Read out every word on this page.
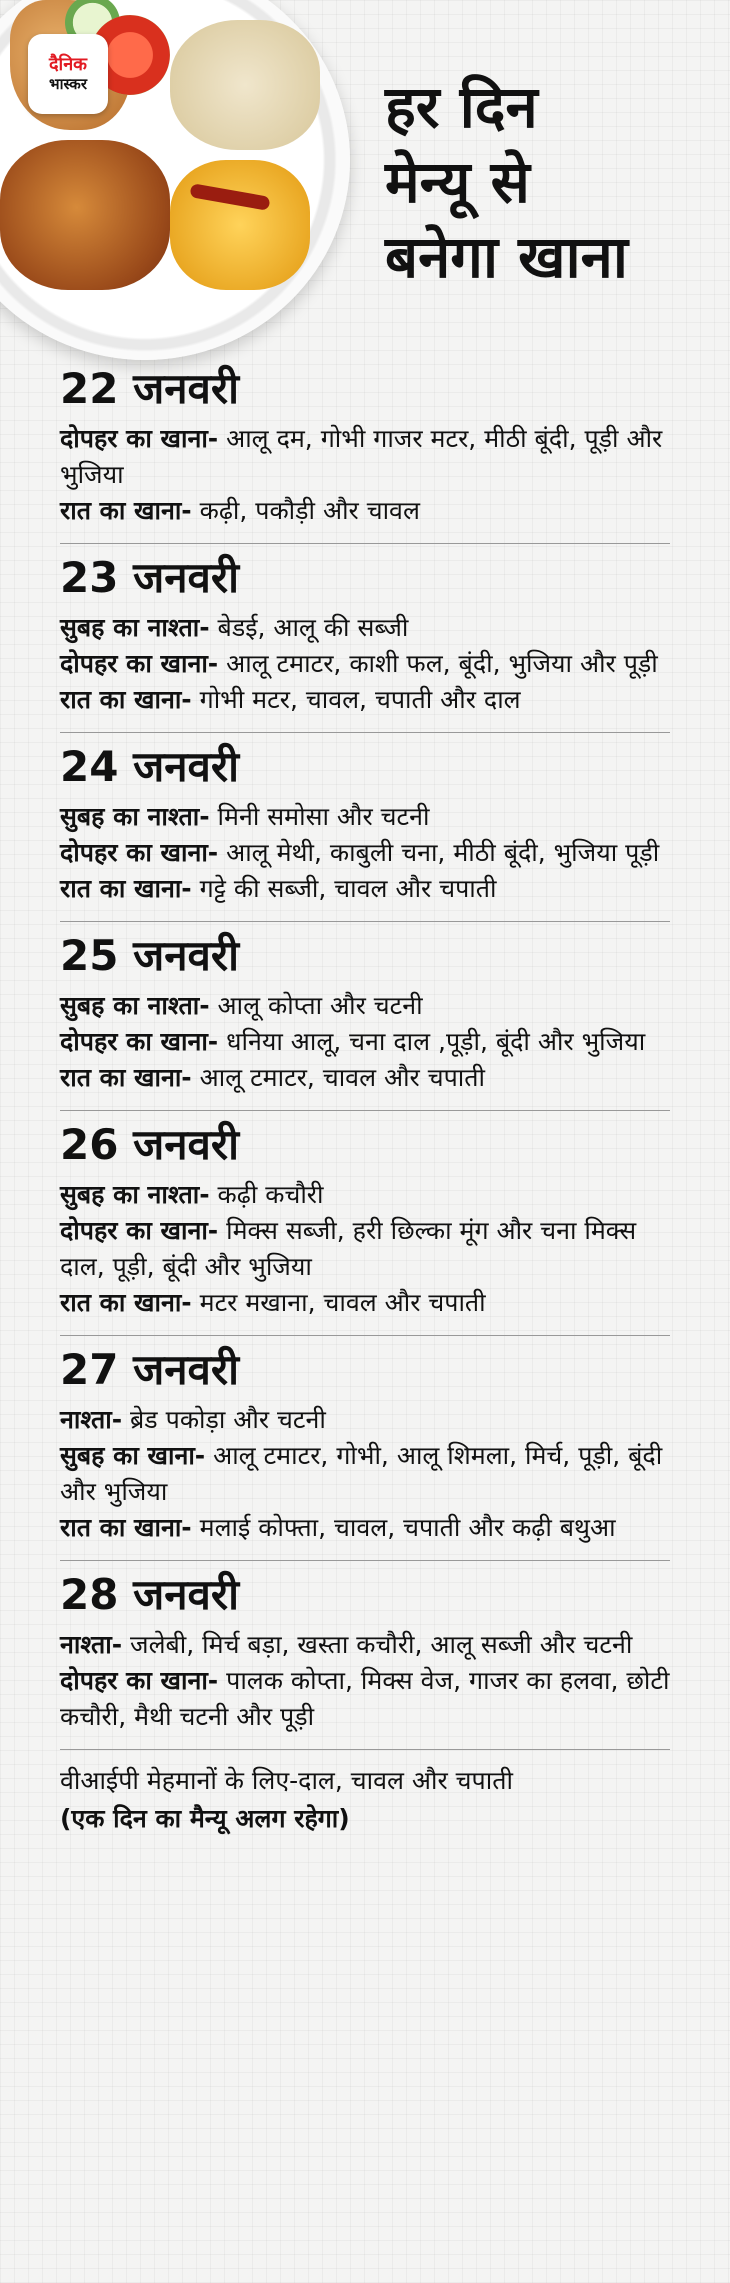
दैनिक
भास्कर	हर दिन
मेन्यू से
बनेगा खाना
22 जनवरी

दोपहर का खाना- आलू दम, गोभी गाजर मटर, मीठी बूंदी, पूड़ी और भुजिया

रात का खाना- कढ़ी, पकौड़ी और चावल

23 जनवरी

सुबह का नाश्ता- बेडई, आलू की सब्जी

दोपहर का खाना- आलू टमाटर, काशी फल, बूंदी, भुजिया और पूड़ी

रात का खाना- गोभी मटर, चावल, चपाती और दाल

24 जनवरी

सुबह का नाश्ता- मिनी समोसा और चटनी

दोपहर का खाना- आलू मेथी, काबुली चना, मीठी बूंदी, भुजिया पूड़ी

रात का खाना- गट्टे की सब्जी, चावल और चपाती

25 जनवरी

सुबह का नाश्ता- आलू कोप्ता और चटनी

दोपहर का खाना- धनिया आलू, चना दाल ,पूड़ी, बूंदी और भुजिया

रात का खाना- आलू टमाटर, चावल और चपाती

26 जनवरी

सुबह का नाश्ता- कढ़ी कचौरी

दोपहर का खाना- मिक्स सब्जी, हरी छिल्का मूंग और चना मिक्स दाल, पूड़ी, बूंदी और भुजिया

रात का खाना- मटर मखाना, चावल और चपाती

27 जनवरी

नाश्ता- ब्रेड पकोड़ा और चटनी

सुबह का खाना- आलू टमाटर, गोभी, आलू शिमला, मिर्च, पूड़ी, बूंदी और भुजिया

रात का खाना- मलाई कोफ्ता, चावल, चपाती और कढ़ी बथुआ

28 जनवरी

नाश्ता- जलेबी, मिर्च बड़ा, खस्ता कचौरी, आलू सब्जी और चटनी

दोपहर का खाना- पालक कोप्ता, मिक्स वेज, गाजर का हलवा, छोटी कचौरी, मैथी चटनी और पूड़ी

वीआईपी मेहमानों के लिए-दाल, चावल और चपाती

(एक दिन का मैन्यू अलग रहेगा)
